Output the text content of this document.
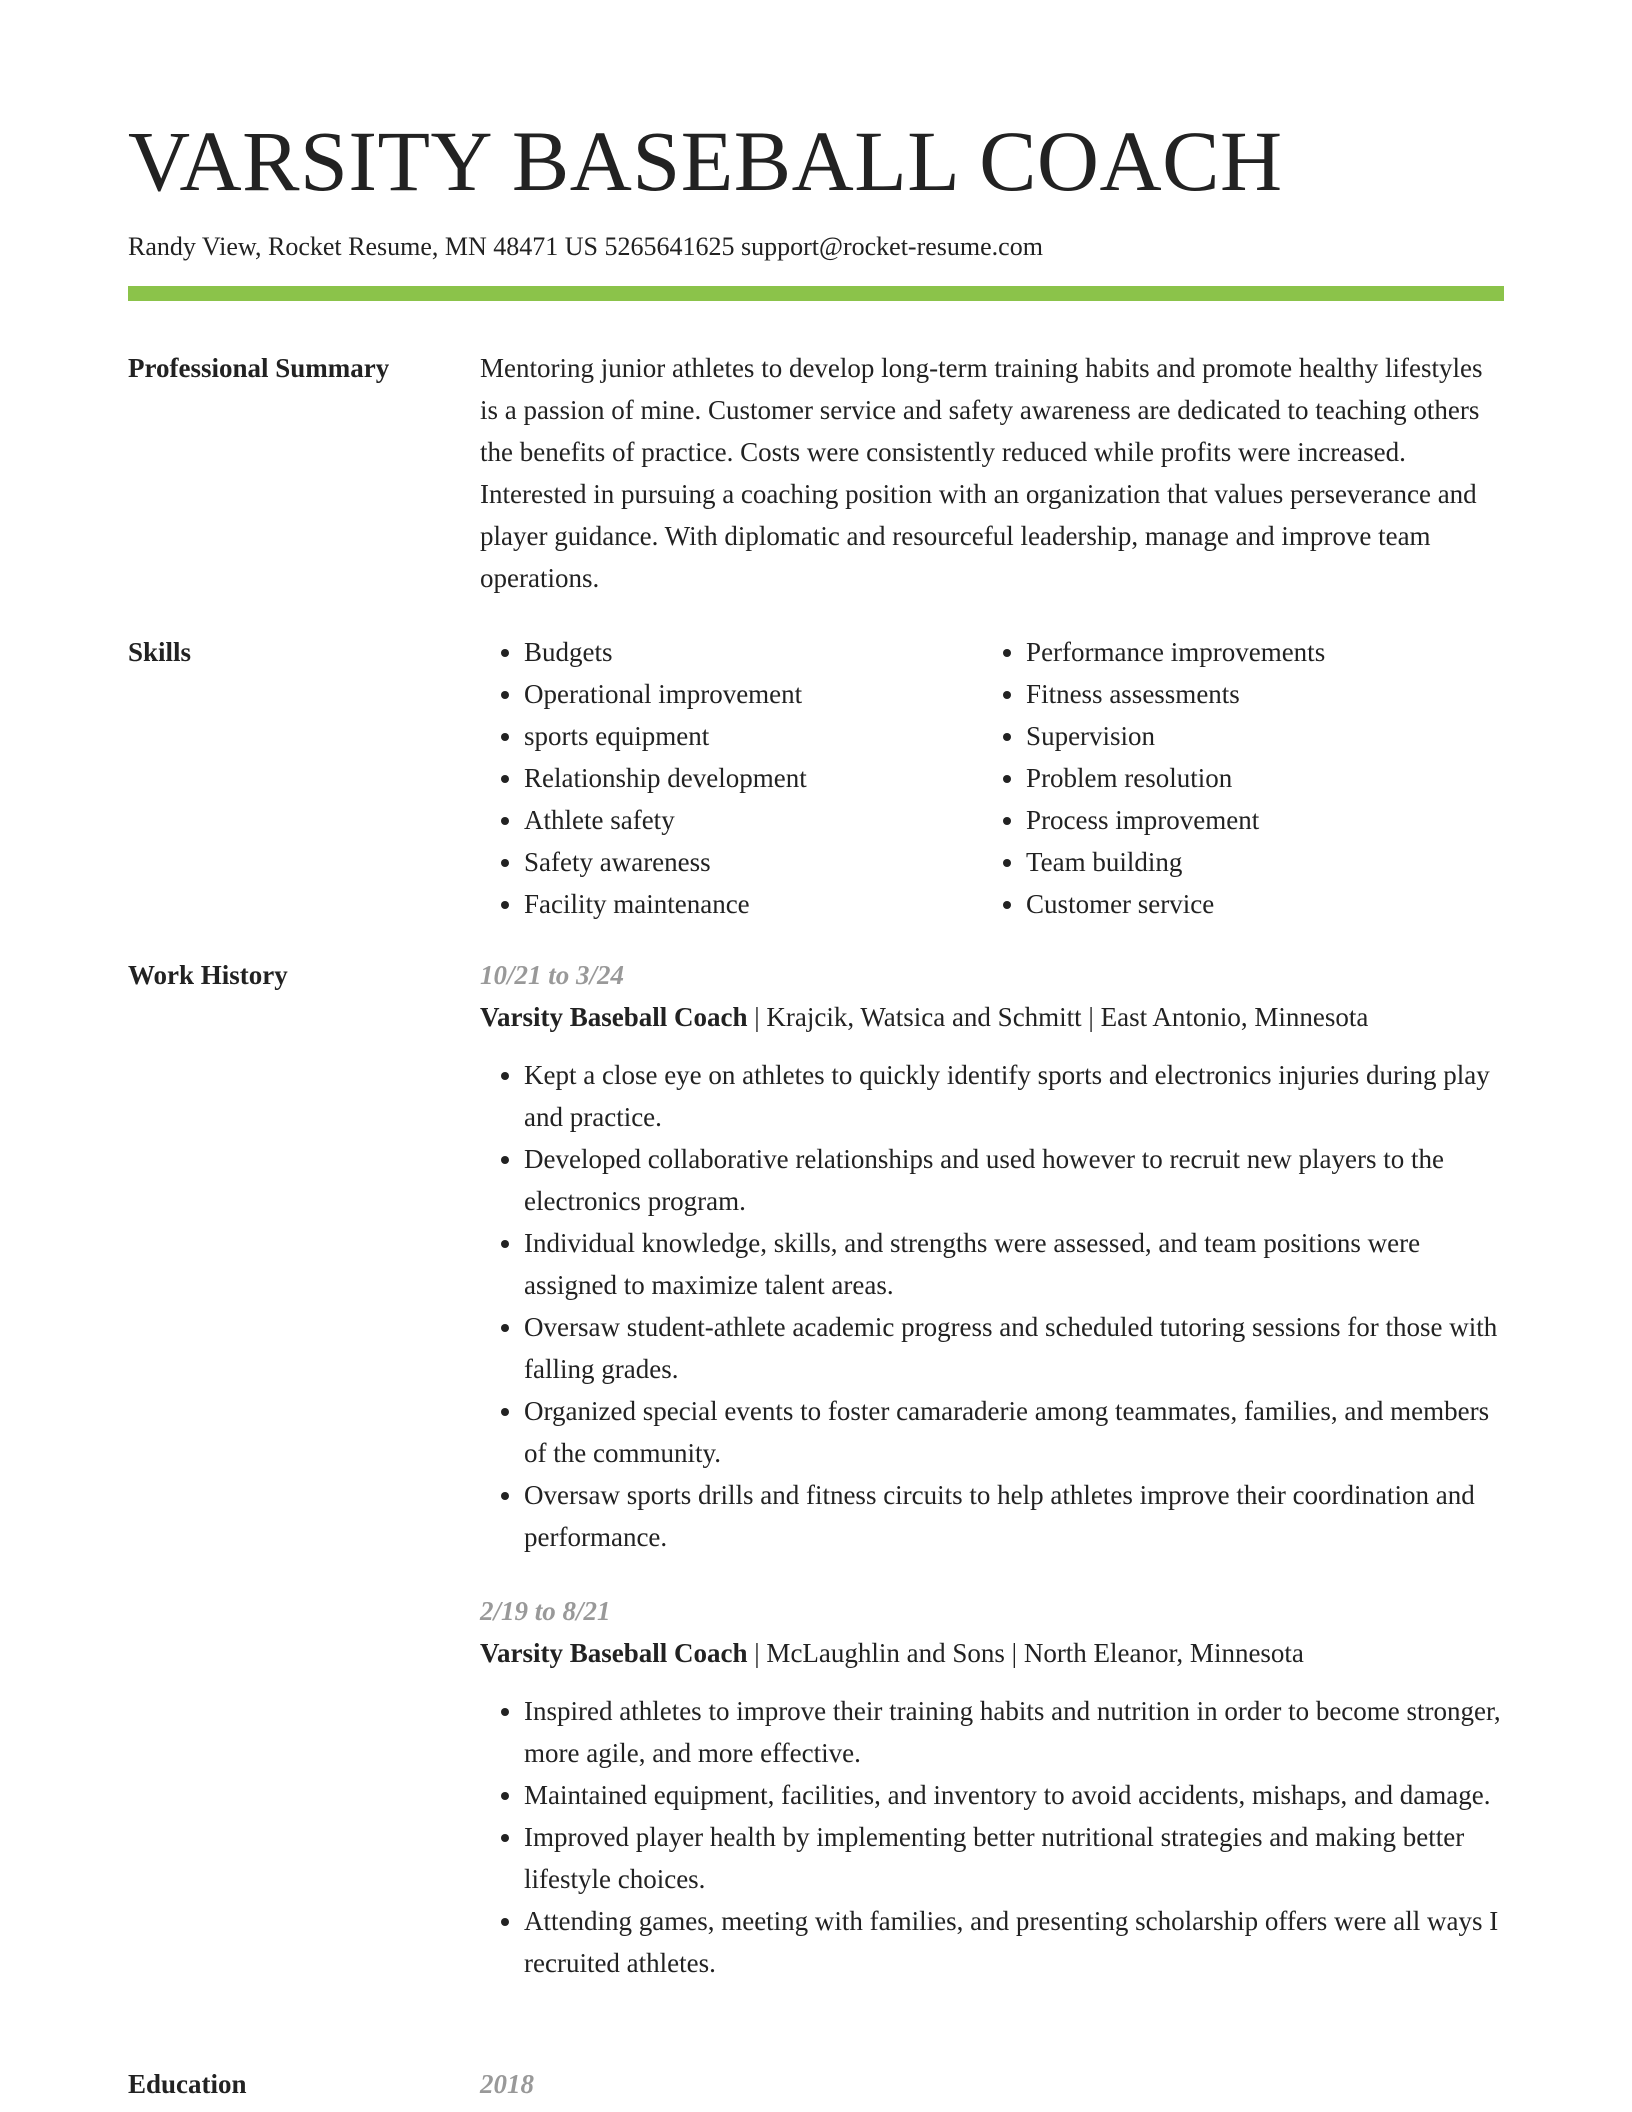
VARSITY BASEBALL COACH
Randy View, Rocket Resume, MN 48471 US 5265641625 support@rocket-resume.com
Professional Summary	Mentoring junior athletes to develop long-term training habits and promote healthy lifestyles is a passion of mine. Customer service and safety awareness are dedicated to teaching others the benefits of practice. Costs were consistently reduced while profits were increased. Interested in pursuing a coaching position with an organization that values perseverance and player guidance. With diplomatic and resourceful leadership, manage and improve team operations.

Skills
•	Budgets
• Operational improvement
• sports equipment
• Relationship development
• Athlete safety
• Safety awareness
• Facility maintenance
• Performance improvements
• Fitness assessments
• Supervision
• Problem resolution
• Process improvement
• Team building
• Customer service
Work History	10/21 to 3/24
Varsity Baseball Coach | Krajcik, Watsica and Schmitt | East Antonio, Minnesota
• Kept a close eye on athletes to quickly identify sports and electronics injuries during play and practice.
• Developed collaborative relationships and used however to recruit new players to the electronics program.
• Individual knowledge, skills, and strengths were assessed, and team positions were assigned to maximize talent areas.
• Oversaw student-athlete academic progress and scheduled tutoring sessions for those with falling grades.
• Organized special events to foster camaraderie among teammates, families, and members of the community.
• Oversaw sports drills and fitness circuits to help athletes improve their coordination and performance.
2/19 to 8/21
Varsity Baseball Coach | McLaughlin and Sons | North Eleanor, Minnesota
• Inspired athletes to improve their training habits and nutrition in order to become stronger, more agile, and more effective.
• Maintained equipment, facilities, and inventory to avoid accidents, mishaps, and damage.
• Improved player health by implementing better nutritional strategies and making better lifestyle choices.
• Attending games, meeting with families, and presenting scholarship offers were all ways I recruited athletes.
Education	2018
